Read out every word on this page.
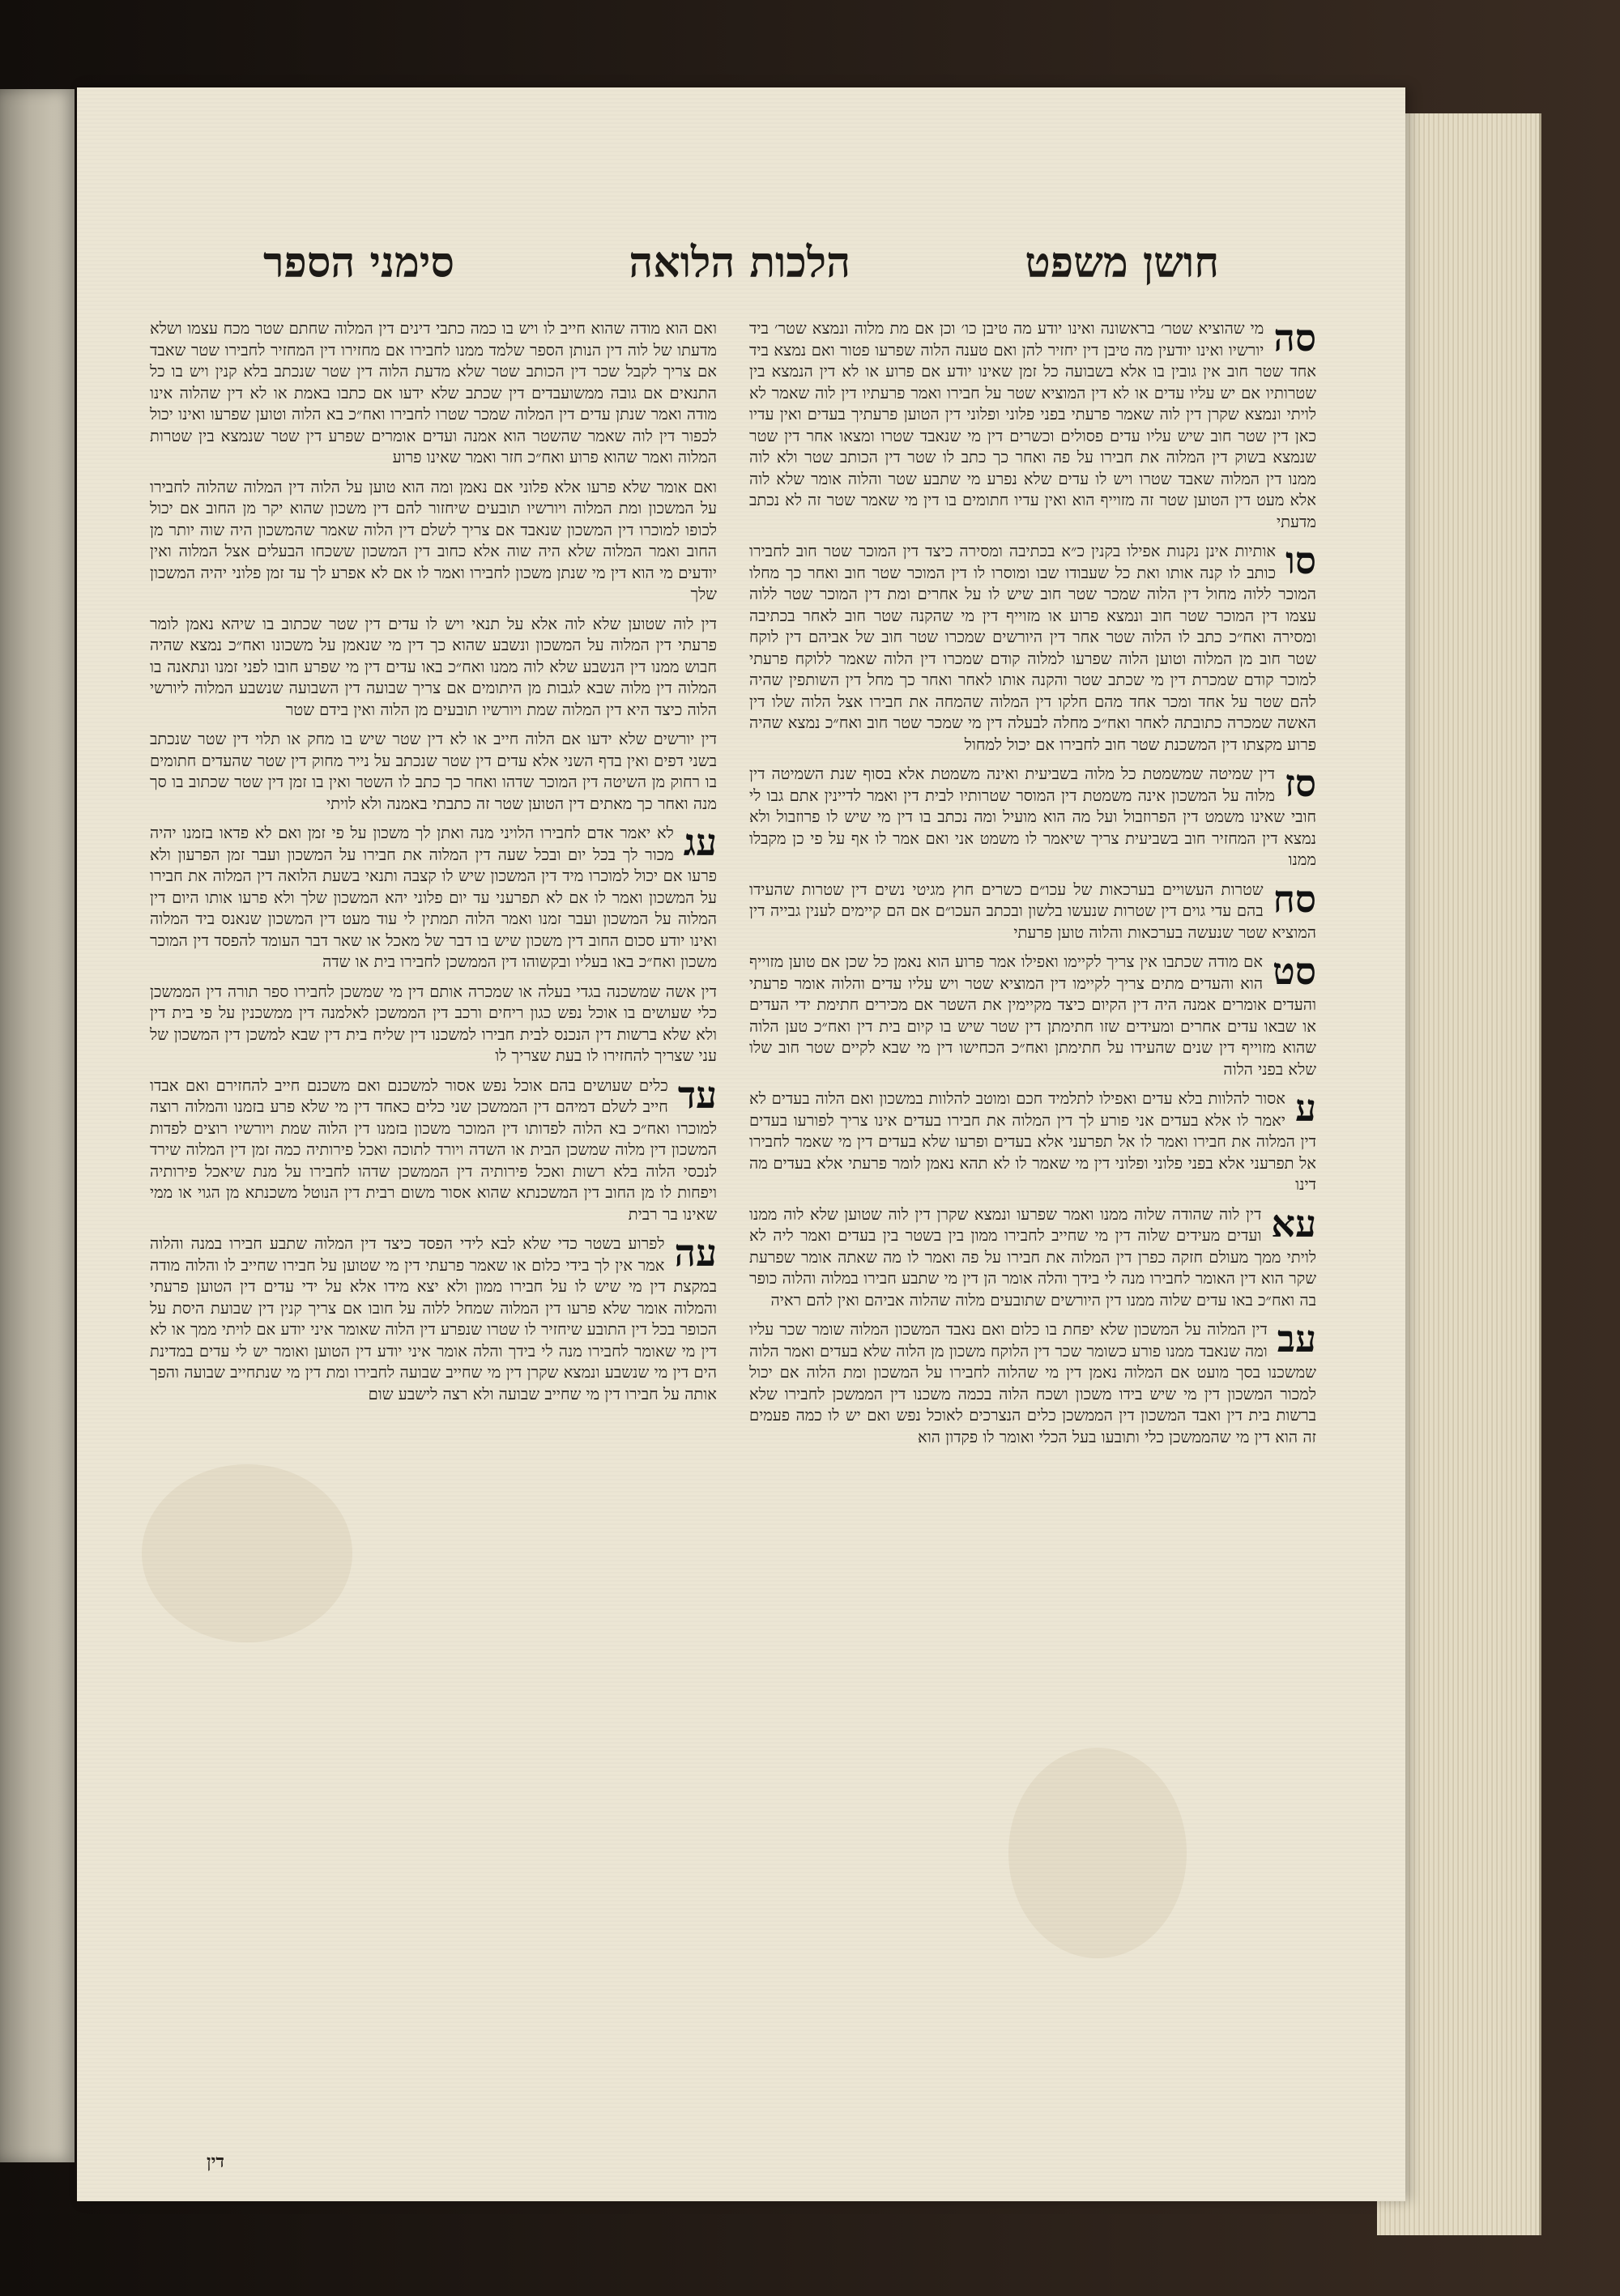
סימני הספר	הלכות הלואה	חושן משפט
סה
מי שהוציא שטר׳ בראשונה ואינו יודע מה טיבן כו׳ וכן אם מת מלוה ונמצא שטר׳ ביד יורשיו ואינו יודעין מה טיבן דין יחזיר להן ואם טענה הלוה שפרעו פטור ואם נמצא ביד אחד שטר חוב אין גובין בו אלא בשבועה כל זמן שאינו יודע אם פרוע או לא דין הנמצא בין שטרותיו אם יש עליו עדים או לא דין המוציא שטר על חבירו ואמר פרעתיו דין לוה שאמר לא לויתי ונמצא שקרן דין לוה שאמר פרעתי בפני פלוני ופלוני דין הטוען פרעתיך בעדים ואין עדיו כאן דין שטר חוב שיש עליו עדים פסולים וכשרים דין מי שנאבד שטרו ומצאו אחר דין שטר שנמצא בשוק דין המלוה את חבירו על פה ואחר כך כתב לו שטר דין הכותב שטר ולא לוה ממנו דין המלוה שאבד שטרו ויש לו עדים שלא נפרע מי שתבע שטר והלוה אומר שלא לוה אלא מעט דין הטוען שטר זה מזוייף הוא ואין עדיו חתומים בו דין מי שאמר שטר זה לא נכתב מדעתי
סו
אותיות אינן נקנות אפילו בקנין כ״א בכתיבה ומסירה כיצד דין המוכר שטר חוב לחבירו כותב לו קנה אותו ואת כל שעבודו שבו ומוסרו לו דין המוכר שטר חוב ואחר כך מחלו המוכר ללוה מחול דין הלוה שמכר שטר חוב שיש לו על אחרים ומת דין המוכר שטר ללוה עצמו דין המוכר שטר חוב ונמצא פרוע או מזוייף דין מי שהקנה שטר חוב לאחר בכתיבה ומסירה ואח״כ כתב לו הלוה שטר אחר דין היורשים שמכרו שטר חוב של אביהם דין לוקח שטר חוב מן המלוה וטוען הלוה שפרעו למלוה קודם שמכרו דין הלוה שאמר ללוקח פרעתי למוכר קודם שמכרת דין מי שכתב שטר והקנה אותו לאחר ואחר כך מחל דין השותפין שהיה להם שטר על אחד ומכר אחד מהם חלקו דין המלוה שהמחה את חבירו אצל הלוה שלו דין האשה שמכרה כתובתה לאחר ואח״כ מחלה לבעלה דין מי שמכר שטר חוב ואח״כ נמצא שהיה פרוע מקצתו דין המשכנת שטר חוב לחבירו אם יכול למחול
סז
דין שמיטה שמשמטת כל מלוה בשביעית ואינה משמטת אלא בסוף שנת השמיטה דין מלוה על המשכון אינה משמטת דין המוסר שטרותיו לבית דין ואמר לדיינין אתם גבו לי חובי שאינו משמט דין הפרוזבול ועל מה הוא מועיל ומה נכתב בו דין מי שיש לו פרוזבול ולא נמצא דין המחזיר חוב בשביעית צריך שיאמר לו משמט אני ואם אמר לו אף על פי כן מקבלו ממנו
סח
שטרות העשויים בערכאות של עכו״ם כשרים חוץ מגיטי נשים דין שטרות שהעידו בהם עדי גוים דין שטרות שנעשו בלשון ובכתב העכו״ם אם הם קיימים לענין גבייה דין המוציא שטר שנעשה בערכאות והלוה טוען פרעתי
סט
אם מודה שכתבו אין צריך לקיימו ואפילו אמר פרוע הוא נאמן כל שכן אם טוען מזוייף הוא והעדים מתים צריך לקיימו דין המוציא שטר ויש עליו עדים והלוה אומר פרעתי והעדים אומרים אמנה היה דין הקיום כיצד מקיימין את השטר אם מכירים חתימת ידי העדים או שבאו עדים אחרים ומעידים שזו חתימתן דין שטר שיש בו קיום בית דין ואח״כ טען הלוה שהוא מזוייף דין שנים שהעידו על חתימתן ואח״כ הכחישו דין מי שבא לקיים שטר חוב שלו שלא בפני הלוה
ע
אסור להלוות בלא עדים ואפילו לתלמיד חכם ומוטב להלוות במשכון ואם הלוה בעדים לא יאמר לו אלא בעדים אני פורע לך דין המלוה את חבירו בעדים אינו צריך לפורעו בעדים דין המלוה את חבירו ואמר לו אל תפרעני אלא בעדים ופרעו שלא בעדים דין מי שאמר לחבירו אל תפרעני אלא בפני פלוני ופלוני דין מי שאמר לו לא תהא נאמן לומר פרעתי אלא בעדים מה דינו
עא
דין לוה שהודה שלוה ממנו ואמר שפרעו ונמצא שקרן דין לוה שטוען שלא לוה ממנו ועדים מעידים שלוה דין מי שחייב לחבירו ממון בין בשטר בין בעדים ואמר ליה לא לויתי ממך מעולם חזקה כפרן דין המלוה את חבירו על פה ואמר לו מה שאתה אומר שפרעת שקר הוא דין האומר לחבירו מנה לי בידך והלה אומר הן דין מי שתבע חבירו במלוה והלוה כופר בה ואח״כ באו עדים שלוה ממנו דין היורשים שתובעים מלוה שהלוה אביהם ואין להם ראיה
עב
דין המלוה על המשכון שלא יפחת בו כלום ואם נאבד המשכון המלוה שומר שכר עליו ומה שנאבד ממנו פורע כשומר שכר דין הלוקח משכון מן הלוה שלא בעדים ואמר הלוה שמשכנו בסך מועט אם המלוה נאמן דין מי שהלוה לחבירו על המשכון ומת הלוה אם יכול למכור המשכון דין מי שיש בידו משכון ושכח הלוה בכמה משכנו דין הממשכן לחבירו שלא ברשות בית דין ואבד המשכון דין הממשכן כלים הנצרכים לאוכל נפש ואם יש לו כמה פעמים זה הוא דין מי שהממשכן כלי ותובעו בעל הכלי ואומר לו פקדון הוא
ואם הוא מודה שהוא חייב לו ויש בו כמה כתבי דינים דין המלוה שחתם שטר מכח עצמו ושלא מדעתו של לוה דין הנותן הספר שלמד ממנו לחבירו אם מחזירו דין המחזיר לחבירו שטר שאבד אם צריך לקבל שכר דין הכותב שטר שלא מדעת הלוה דין שטר שנכתב בלא קנין ויש בו כל התנאים אם גובה ממשועבדים דין שכתב שלא ידעו אם כתבו באמת או לא דין שהלוה אינו מודה ואמר שנתן עדים דין המלוה שמכר שטרו לחבירו ואח״כ בא הלוה וטוען שפרעו ואינו יכול לכפור דין לוה שאמר שהשטר הוא אמנה ועדים אומרים שפרע דין שטר שנמצא בין שטרות המלוה ואמר שהוא פרוע ואח״כ חזר ואמר שאינו פרוע
ואם אומר שלא פרעו אלא פלוני אם נאמן ומה הוא טוען על הלוה דין המלוה שהלוה לחבירו על המשכון ומת המלוה ויורשיו תובעים שיחזור להם דין משכון שהוא יקר מן החוב אם יכול לכופו למוכרו דין המשכון שנאבד אם צריך לשלם דין הלוה שאמר שהמשכון היה שוה יותר מן החוב ואמר המלוה שלא היה שוה אלא כחוב דין המשכון ששכחו הבעלים אצל המלוה ואין יודעים מי הוא דין מי שנתן משכון לחבירו ואמר לו אם לא אפרע לך עד זמן פלוני יהיה המשכון שלך
דין לוה שטוען שלא לוה אלא על תנאי ויש לו עדים דין שטר שכתוב בו שיהא נאמן לומר פרעתי דין המלוה על המשכון ונשבע שהוא כך דין מי שנאמן על משכונו ואח״כ נמצא שהיה חבוש ממנו דין הנשבע שלא לוה ממנו ואח״כ באו עדים דין מי שפרע חובו לפני זמנו ונתאנה בו המלוה דין מלוה שבא לגבות מן היתומים אם צריך שבועה דין השבועה שנשבע המלוה ליורשי הלוה כיצד היא דין המלוה שמת ויורשיו תובעים מן הלוה ואין בידם שטר
דין יורשים שלא ידעו אם הלוה חייב או לא דין שטר שיש בו מחק או תלוי דין שטר שנכתב בשני דפים ואין בדף השני אלא עדים דין שטר שנכתב על נייר מחוק דין שטר שהעדים חתומים בו רחוק מן השיטה דין המוכר שדהו ואחר כך כתב לו השטר ואין בו זמן דין שטר שכתוב בו סך מנה ואחר כך מאתים דין הטוען שטר זה כתבתי באמנה ולא לויתי
עג
לא יאמר אדם לחבירו הלויני מנה ואתן לך משכון על פי זמן ואם לא פדאו בזמנו יהיה מכור לך בכל יום ובכל שעה דין המלוה את חבירו על המשכון ועבר זמן הפרעון ולא פרעו אם יכול למוכרו מיד דין המשכון שיש לו קצבה ותנאי בשעת הלואה דין המלוה את חבירו על המשכון ואמר לו אם לא תפרעני עד יום פלוני יהא המשכון שלך ולא פרעו אותו היום דין המלוה על המשכון ועבר זמנו ואמר הלוה תמתין לי עוד מעט דין המשכון שנאנס ביד המלוה ואינו יודע סכום החוב דין משכון שיש בו דבר של מאכל או שאר דבר העומד להפסד דין המוכר משכון ואח״כ באו בעליו ובקשוהו דין הממשכן לחבירו בית או שדה
דין אשה שמשכנה בגדי בעלה או שמכרה אותם דין מי שמשכן לחבירו ספר תורה דין הממשכן כלי שעושים בו אוכל נפש כגון ריחים ורכב דין הממשכן לאלמנה דין ממשכנין על פי בית דין ולא שלא ברשות דין הנכנס לבית חבירו למשכנו דין שליח בית דין שבא למשכן דין המשכון של עני שצריך להחזירו לו בעת שצריך לו
עד
כלים שעושים בהם אוכל נפש אסור למשכנם ואם משכנם חייב להחזירם ואם אבדו חייב לשלם דמיהם דין הממשכן שני כלים כאחד דין מי שלא פרע בזמנו והמלוה רוצה למוכרו ואח״כ בא הלוה לפדותו דין המוכר משכון בזמנו דין הלוה שמת ויורשיו רוצים לפדות המשכון דין מלוה שמשכן הבית או השדה ויורד לתוכה ואכל פירותיה כמה זמן דין המלוה שירד לנכסי הלוה בלא רשות ואכל פירותיה דין הממשכן שדהו לחבירו על מנת שיאכל פירותיה ויפחות לו מן החוב דין המשכנתא שהוא אסור משום רבית דין הנוטל משכנתא מן הגוי או ממי שאינו בר רבית
עה
לפרוע בשטר כדי שלא לבא לידי הפסד כיצד דין המלוה שתבע חבירו במנה והלוה אמר אין לך בידי כלום או שאמר פרעתי דין מי שטוען על חבירו שחייב לו והלוה מודה במקצת דין מי שיש לו על חבירו ממון ולא יצא מידו אלא על ידי עדים דין הטוען פרעתי והמלוה אומר שלא פרעו דין המלוה שמחל ללוה על חובו אם צריך קנין דין שבועת היסת על הכופר בכל דין התובע שיחזיר לו שטרו שנפרע דין הלוה שאומר איני יודע אם לויתי ממך או לא דין מי שאומר לחבירו מנה לי בידך והלה אומר איני יודע דין הטוען ואומר יש לי עדים במדינת הים דין מי שנשבע ונמצא שקרן דין מי שחייב שבועה לחבירו ומת דין מי שנתחייב שבועה והפך אותה על חבירו דין מי שחייב שבועה ולא רצה לישבע שום
דין
